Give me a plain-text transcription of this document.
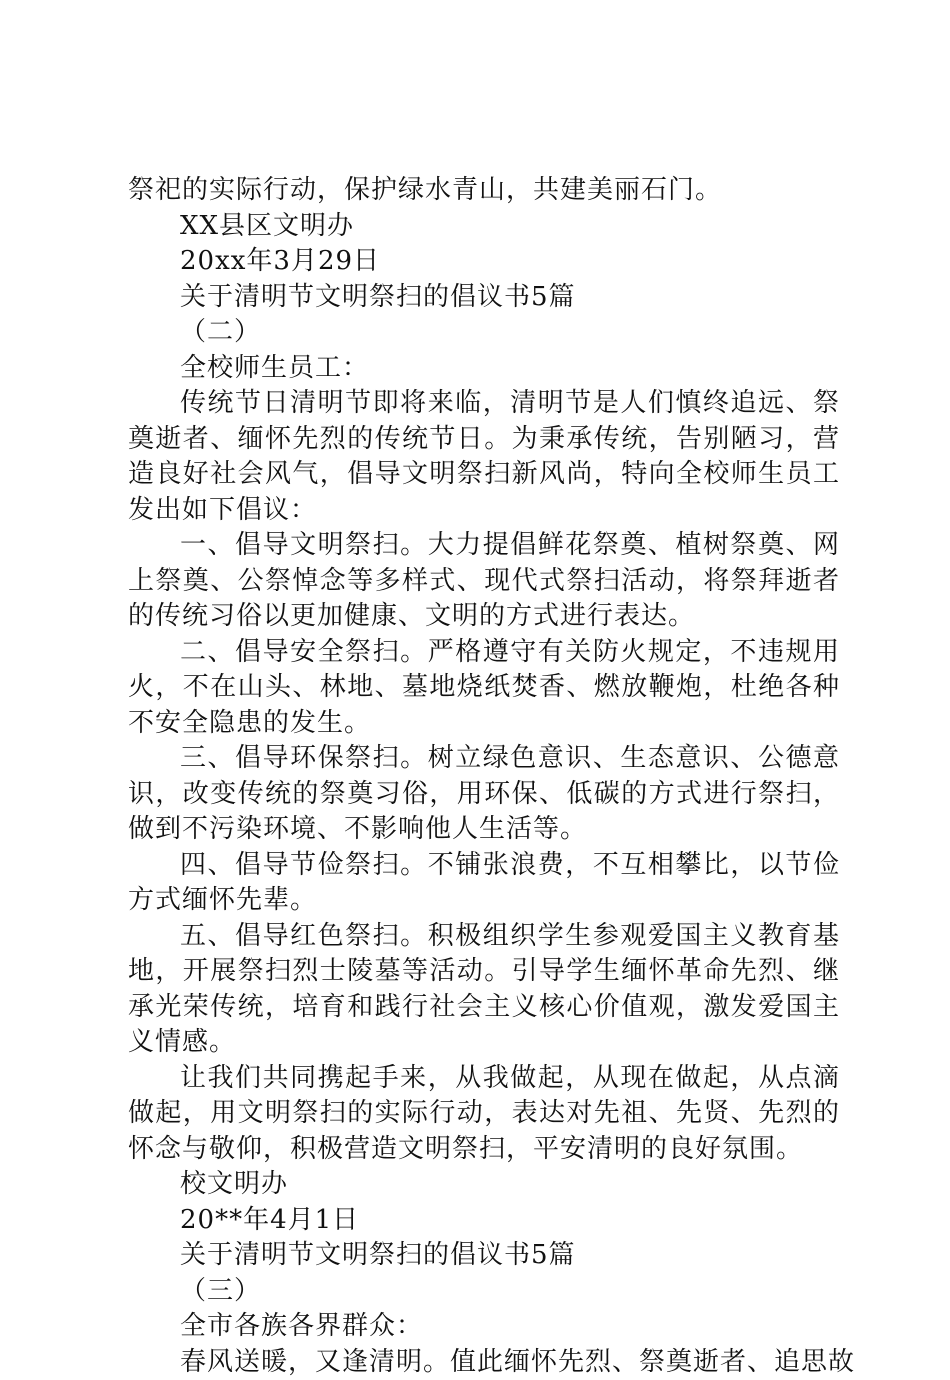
祭祀的实际行动，保护绿水青山，共建美丽石门。
XX县区文明办
20xx年3月29日
关于清明节文明祭扫的倡议书5篇
（二）
全校师生员工：
传统节日清明节即将来临，清明节是人们慎终追远、祭奠逝者、缅怀先烈的传统节日。为秉承传统，告别陋习，营造良好社会风气，倡导文明祭扫新风尚，特向全校师生员工发出如下倡议：
一、倡导文明祭扫。大力提倡鲜花祭奠、植树祭奠、网上祭奠、公祭悼念等多样式、现代式祭扫活动，将祭拜逝者的传统习俗以更加健康、文明的方式进行表达。
二、倡导安全祭扫。严格遵守有关防火规定，不违规用火，不在山头、林地、墓地烧纸焚香、燃放鞭炮，杜绝各种不安全隐患的发生。
三、倡导环保祭扫。树立绿色意识、生态意识、公德意识，改变传统的祭奠习俗，用环保、低碳的方式进行祭扫，做到不污染环境、不影响他人生活等。
四、倡导节俭祭扫。不铺张浪费，不互相攀比，以节俭方式缅怀先辈。
五、倡导红色祭扫。积极组织学生参观爱国主义教育基地，开展祭扫烈士陵墓等活动。引导学生缅怀革命先烈、继承光荣传统，培育和践行社会主义核心价值观，激发爱国主义情感。
让我们共同携起手来，从我做起，从现在做起，从点滴做起，用文明祭扫的实际行动，表达对先祖、先贤、先烈的怀念与敬仰，积极营造文明祭扫，平安清明的良好氛围。
校文明办
20**年4月1日
关于清明节文明祭扫的倡议书5篇
（三）
全市各族各界群众：
春风送暖，又逢清明。值此缅怀先烈、祭奠逝者、追思故
